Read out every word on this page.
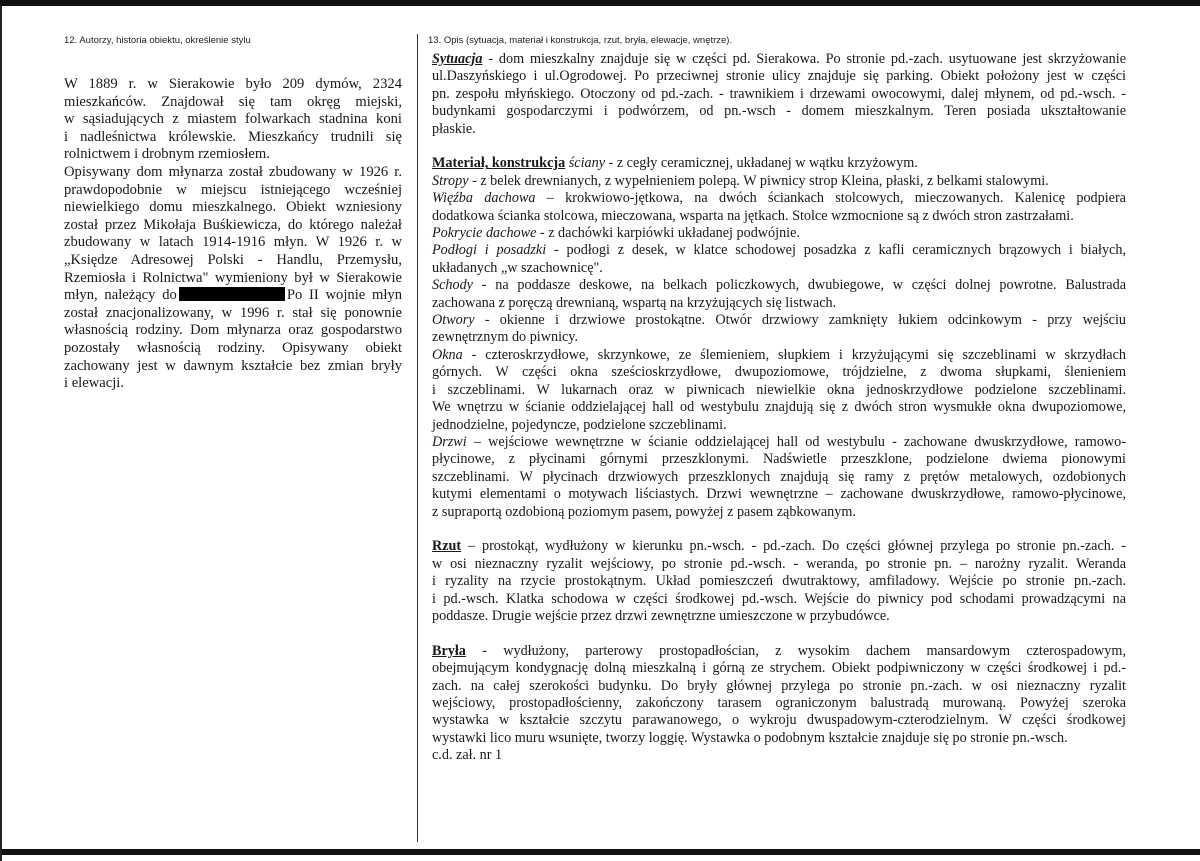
12. Autorzy, historia obiektu, określenie stylu	13. Opis (sytuacja, materiał i konstrukcja, rzut, bryła, elewacje, wnętrze).
W 1889 r. w Sierakowie było 209 dymów, 2324
mieszkańców. Znajdował się tam okręg miejski,
w sąsiadujących z miastem folwarkach stadnina koni
i nadleśnictwa królewskie. Mieszkańcy trudnili się
rolnictwem i drobnym rzemiosłem.
Opisywany dom młynarza został zbudowany w 1926 r.
prawdopodobnie w miejscu istniejącego wcześniej
niewielkiego domu mieszkalnego. Obiekt wzniesiony
został przez Mikołaja Buśkiewicza, do którego należał
zbudowany w latach 1914-1916 młyn. W 1926 r. w
„Księdze Adresowej Polski - Handlu, Przemysłu,
Rzemiosła i Rolnictwa" wymieniony był w Sierakowie
młyn, należący do	Po II wojnie młyn
został znacjonalizowany, w 1996 r. stał się ponownie
własnością rodziny. Dom młynarza oraz gospodarstwo
pozostały własnością rodziny. Opisywany obiekt
zachowany jest w dawnym kształcie bez zmian bryły
i elewacji.
Sytuacja - dom mieszkalny znajduje się w części pd. Sierakowa. Po stronie pd.-zach. usytuowane jest skrzyżowanie
ul.Daszyńskiego i ul.Ogrodowej. Po przeciwnej stronie ulicy znajduje się parking. Obiekt położony jest w części
pn. zespołu młyńskiego. Otoczony od pd.-zach. - trawnikiem i drzewami owocowymi, dalej młynem, od pd.-wsch. -
budynkami gospodarczymi i podwórzem, od pn.-wsch - domem mieszkalnym. Teren posiada ukształtowanie
płaskie.
Materiał, konstrukcja ściany - z cegły ceramicznej, układanej w wątku krzyżowym.
Stropy - z belek drewnianych, z wypełnieniem polepą. W piwnicy strop Kleina, płaski, z belkami stalowymi.
Więźba dachowa – krokwiowo-jętkowa, na dwóch ściankach stolcowych, mieczowanych. Kalenicę podpiera
dodatkowa ścianka stolcowa, mieczowana, wsparta na jętkach. Stolce wzmocnione są z dwóch stron zastrzałami.
Pokrycie dachowe - z dachówki karpiówki układanej podwójnie.
Podłogi i posadzki - podłogi z desek, w klatce schodowej posadzka z kafli ceramicznych brązowych i białych,
układanych „w szachownicę".
Schody - na poddasze deskowe, na belkach policzkowych, dwubiegowe, w części dolnej powrotne. Balustrada
zachowana z poręczą drewnianą, wspartą na krzyżujących się listwach.
Otwory - okienne i drzwiowe prostokątne. Otwór drzwiowy zamknięty łukiem odcinkowym - przy wejściu
zewnętrznym do piwnicy.
Okna - czteroskrzydłowe, skrzynkowe, ze ślemieniem, słupkiem i krzyżującymi się szczeblinami w skrzydłach
górnych. W części okna sześcioskrzydłowe, dwupoziomowe, trójdzielne, z dwoma słupkami, ślenieniem
i szczeblinami. W lukarnach oraz w piwnicach niewielkie okna jednoskrzydłowe podzielone szczeblinami.
We wnętrzu w ścianie oddzielającej hall od westybulu znajdują się z dwóch stron wysmukłe okna dwupoziomowe,
jednodzielne, pojedyncze, podzielone szczeblinami.
Drzwi – wejściowe wewnętrzne w ścianie oddzielającej hall od westybulu - zachowane dwuskrzydłowe, ramowo-
płycinowe, z płycinami górnymi przeszklonymi. Nadświetle przeszklone, podzielone dwiema pionowymi
szczeblinami. W płycinach drzwiowych przeszklonych znajdują się ramy z prętów metalowych, ozdobionych
kutymi elementami o motywach liściastych. Drzwi wewnętrzne – zachowane dwuskrzydłowe, ramowo-płycinowe,
z supraportą ozdobioną poziomym pasem, powyżej z pasem ząbkowanym.
Rzut – prostokąt, wydłużony w kierunku pn.-wsch. - pd.-zach. Do części głównej przylega po stronie pn.-zach. -
w osi nieznaczny ryzalit wejściowy, po stronie pd.-wsch. - weranda, po stronie pn. – narożny ryzalit. Weranda
i ryzality na rzycie prostokątnym. Układ pomieszczeń dwutraktowy, amfiladowy. Wejście po stronie pn.-zach.
i pd.-wsch. Klatka schodowa w części środkowej pd.-wsch. Wejście do piwnicy pod schodami prowadzącymi na
poddasze. Drugie wejście przez drzwi zewnętrzne umieszczone w przybudówce.
Bryła - wydłużony, parterowy prostopadłościan, z wysokim dachem mansardowym czterospadowym,
obejmującym kondygnację dolną mieszkalną i górną ze strychem. Obiekt podpiwniczony w części środkowej i pd.-
zach. na całej szerokości budynku. Do bryły głównej przylega po stronie pn.-zach. w osi nieznaczny ryzalit
wejściowy, prostopadłościenny, zakończony tarasem ograniczonym balustradą murowaną. Powyżej szeroka
wystawka w kształcie szczytu parawanowego, o wykroju dwuspadowym-czterodzielnym. W części środkowej
wystawki lico muru wsunięte, tworzy loggię. Wystawka o podobnym kształcie znajduje się po stronie pn.-wsch.
c.d. zał. nr 1
